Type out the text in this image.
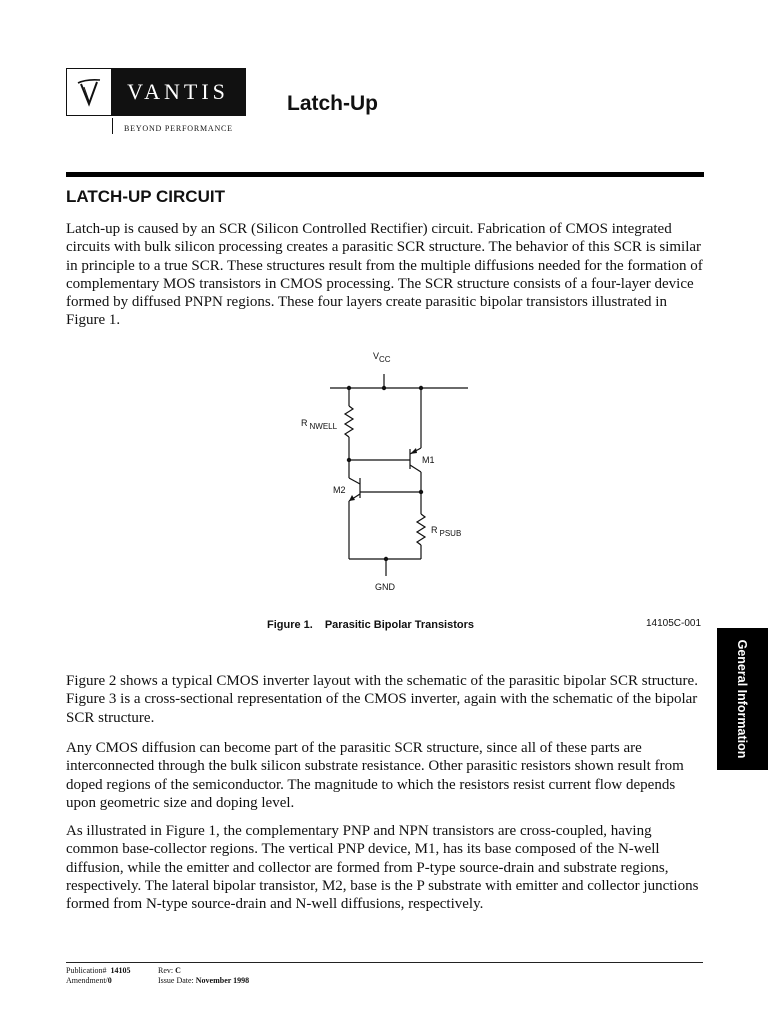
VANTIS
BEYOND PERFORMANCE
Latch-Up
LATCH-UP CIRCUIT

Latch-up is caused by an SCR (Silicon Controlled Rectifier) circuit. Fabrication of CMOS integrated circuits with bulk silicon processing creates a parasitic SCR structure. The behavior of this SCR is similar in principle to a true SCR. These structures result from the multiple diffusions needed for the formation of complementary MOS transistors in CMOS processing. The SCR structure consists of a four-layer device formed by diffused PNPN regions. These four layers create parasitic bipolar transistors illustrated in Figure 1.

VCC
R NWELL
M1
M2
R PSUB
GND
Figure 1. Parasitic Bipolar Transistors	14105C-001

Figure 2 shows a typical CMOS inverter layout with the schematic of the parasitic bipolar SCR structure. Figure 3 is a cross-sectional representation of the CMOS inverter, again with the schematic of the bipolar SCR structure.

Any CMOS diffusion can become part of the parasitic SCR structure, since all of these parts are interconnected through the bulk silicon substrate resistance. Other parasitic resistors shown result from doped regions of the semiconductor. The magnitude to which the resistors resist current flow depends upon geometric size and doping level.

As illustrated in Figure 1, the complementary PNP and NPN transistors are cross-coupled, having common base-collector regions. The vertical PNP device, M1, has its base composed of the N-well diffusion, while the emitter and collector are formed from P-type source-drain and substrate regions, respectively. The lateral bipolar transistor, M2, base is the P substrate with emitter and collector junctions formed from N-type source-drain and N-well diffusions, respectively.

General Information
Publication# 14105
Amendment/0
Rev: C
Issue Date: November 1998
